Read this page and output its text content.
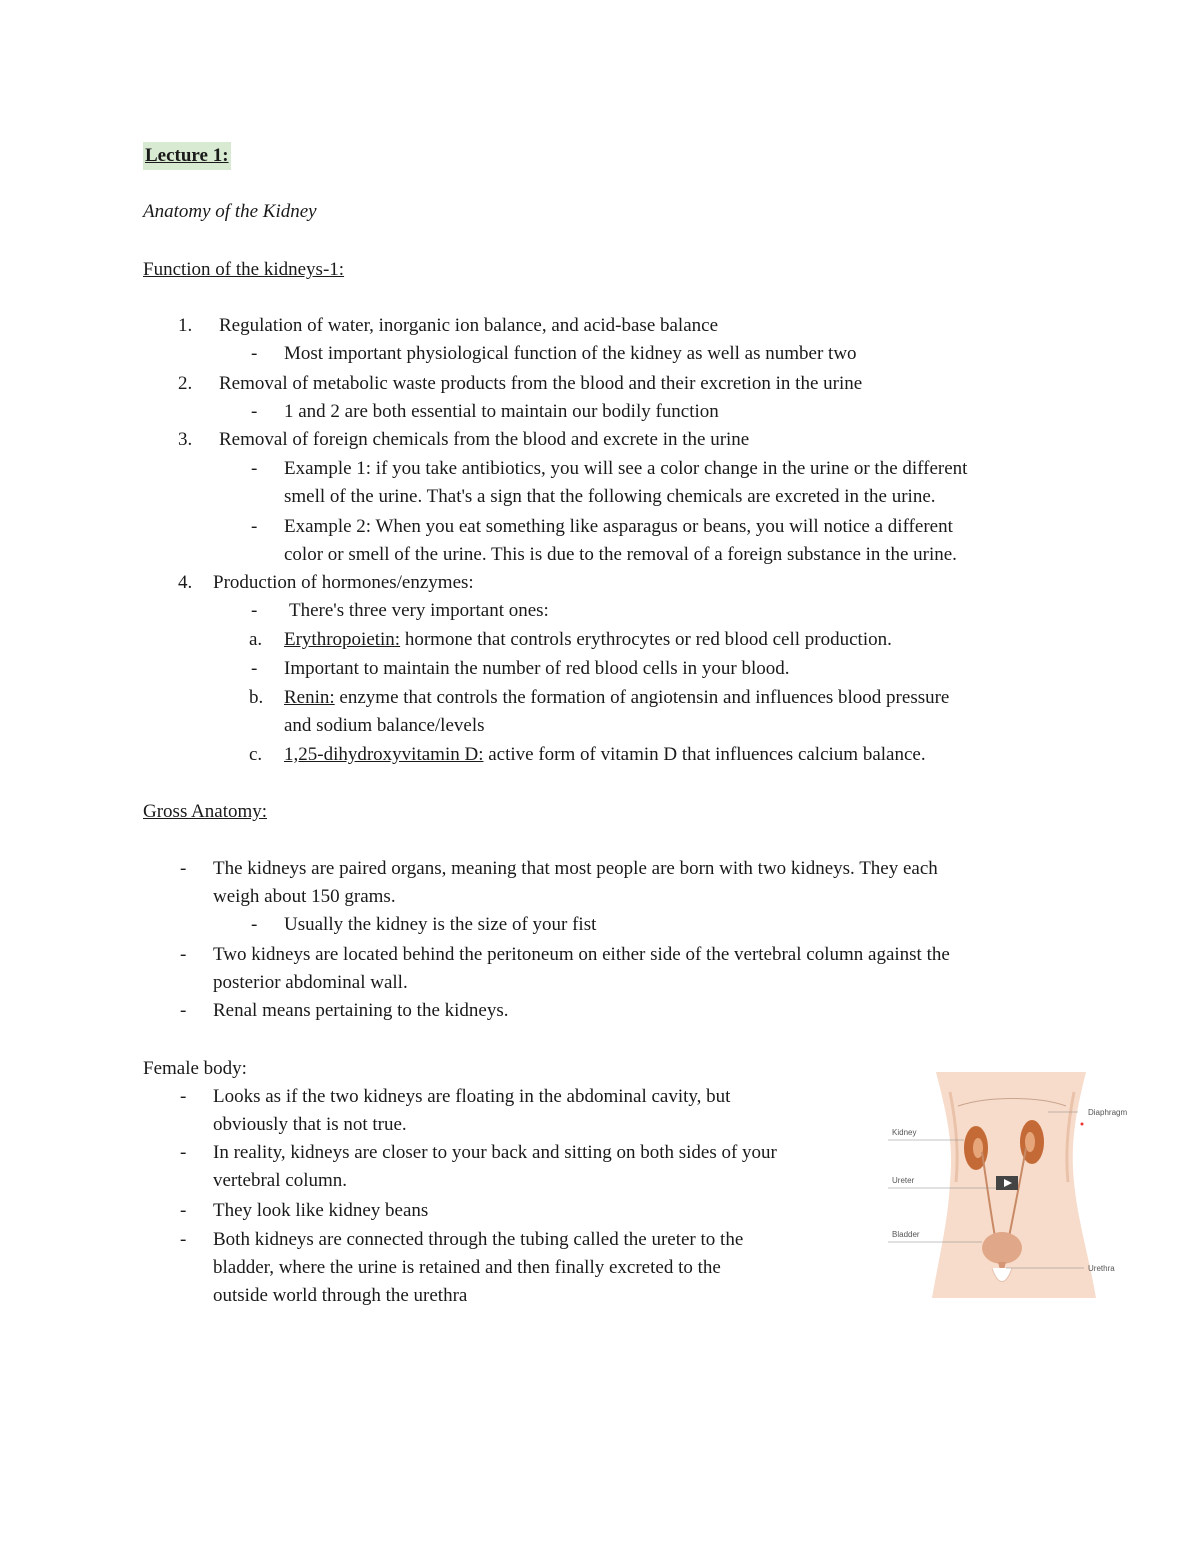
Lecture 1:
Anatomy of the Kidney
Function of the kidneys-1:
1. Regulation of water, inorganic ion balance, and acid-base balance
- Most important physiological function of the kidney as well as number two
2. Removal of metabolic waste products from the blood and their excretion in the urine
- 1 and 2 are both essential to maintain our bodily function
3. Removal of foreign chemicals from the blood and excrete in the urine
- Example 1: if you take antibiotics, you will see a color change in the urine or the different
smell of the urine. That's a sign that the following chemicals are excreted in the urine.
- Example 2: When you eat something like asparagus or beans, you will notice a different
color or smell of the urine. This is due to the removal of a foreign substance in the urine.
4. Production of hormones/enzymes:
- There's three very important ones:
a. Erythropoietin: hormone that controls erythrocytes or red blood cell production.
- Important to maintain the number of red blood cells in your blood.
b. Renin: enzyme that controls the formation of angiotensin and influences blood pressure
and sodium balance/levels
c. 1,25-dihydroxyvitamin D: active form of vitamin D that influences calcium balance.
Gross Anatomy:
- The kidneys are paired organs, meaning that most people are born with two kidneys. They each
weigh about 150 grams.
- Usually the kidney is the size of your fist
- Two kidneys are located behind the peritoneum on either side of the vertebral column against the
posterior abdominal wall.
- Renal means pertaining to the kidneys.
Female body:
- Looks as if the two kidneys are floating in the abdominal cavity, but
obviously that is not true.
- In reality, kidneys are closer to your back and sitting on both sides of your
vertebral column.
- They look like kidney beans
- Both kidneys are connected through the tubing called the ureter to the
bladder, where the urine is retained and then finally excreted to the
outside world through the urethra
Kidney
Ureter
Bladder
Diaphragm
Urethra
